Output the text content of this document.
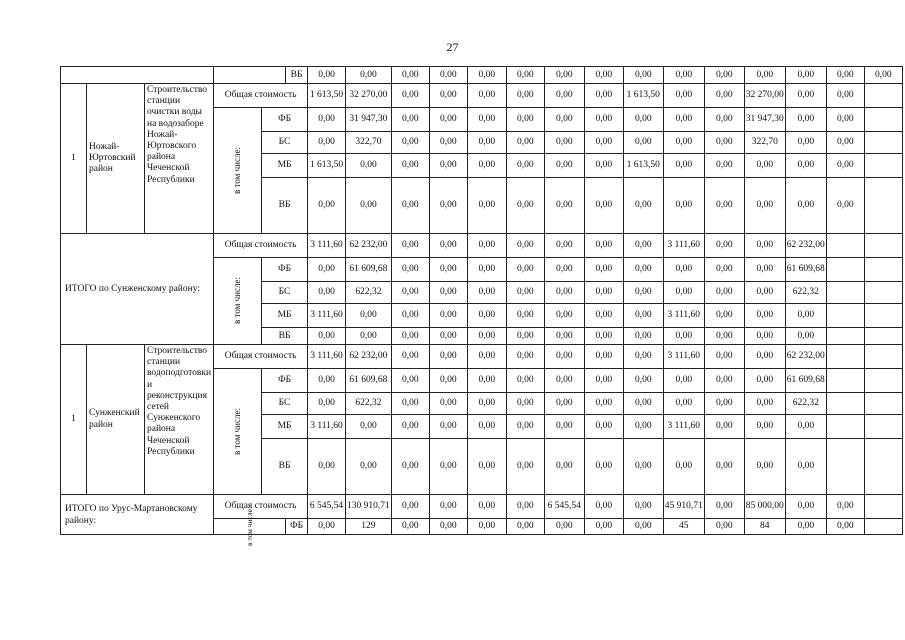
27
					ВБ	0,00	0,00	0,00	0,00	0,00	0,00	0,00	0,00	0,00	0,00	0,00	0,00	0,00	0,00	0,00
1	Ножай-Юртовский район	Строительство станции очистки воды на водозаборе Ножай-Юртовского района Чеченской Республики	Общая стоимость			1 613,50	32 270,00	0,00	0,00	0,00	0,00	0,00	0,00	1 613,50	0,00	0,00	32 270,00	0,00	0,00	
			в том числе:	ФБ		0,00	31 947,30	0,00	0,00	0,00	0,00	0,00	0,00	0,00	0,00	0,00	31 947,30	0,00	0,00	
				БС		0,00	322,70	0,00	0,00	0,00	0,00	0,00	0,00	0,00	0,00	0,00	322,70	0,00	0,00	
				МБ		1 613,50	0,00	0,00	0,00	0,00	0,00	0,00	0,00	1 613,50	0,00	0,00	0,00	0,00	0,00	
				ВБ		0,00	0,00	0,00	0,00	0,00	0,00	0,00	0,00	0,00	0,00	0,00	0,00	0,00	0,00	
ИТОГО по Сунженскому району:			Общая стоимость			3 111,60	62 232,00	0,00	0,00	0,00	0,00	0,00	0,00	0,00	3 111,60	0,00	0,00	62 232,00		
			в том числе:	ФБ		0,00	61 609,68	0,00	0,00	0,00	0,00	0,00	0,00	0,00	0,00	0,00	0,00	61 609,68		
				БС		0,00	622,32	0,00	0,00	0,00	0,00	0,00	0,00	0,00	0,00	0,00	0,00	622,32		
				МБ		3 111,60	0,00	0,00	0,00	0,00	0,00	0,00	0,00	0,00	3 111,60	0,00	0,00	0,00		
				ВБ		0,00	0,00	0,00	0,00	0,00	0,00	0,00	0,00	0,00	0,00	0,00	0,00	0,00		
1	Сунженский район	Строительство станции водоподготовки и реконструкция сетей Сунженского района Чеченской Республики	Общая стоимость			3 111,60	62 232,00	0,00	0,00	0,00	0,00	0,00	0,00	0,00	3 111,60	0,00	0,00	62 232,00		
			в том числе:	ФБ		0,00	61 609,68	0,00	0,00	0,00	0,00	0,00	0,00	0,00	0,00	0,00	0,00	61 609,68		
				БС		0,00	622,32	0,00	0,00	0,00	0,00	0,00	0,00	0,00	0,00	0,00	0,00	622,32		
				МБ		3 111,60	0,00	0,00	0,00	0,00	0,00	0,00	0,00	0,00	3 111,60	0,00	0,00	0,00		
				ВБ		0,00	0,00	0,00	0,00	0,00	0,00	0,00	0,00	0,00	0,00	0,00	0,00	0,00		
ИТОГО по Урус-Мартановскому району:			Общая стоимость			6 545,54	130 910,71	0,00	0,00	0,00	0,00	6 545,54	0,00	0,00	45 910,71	0,00	85 000,00	0,00	0,00	
			в том числе:		ФБ	0,00	129	0,00	0,00	0,00	0,00	0,00	0,00	0,00	45	0,00	84	0,00	0,00	
